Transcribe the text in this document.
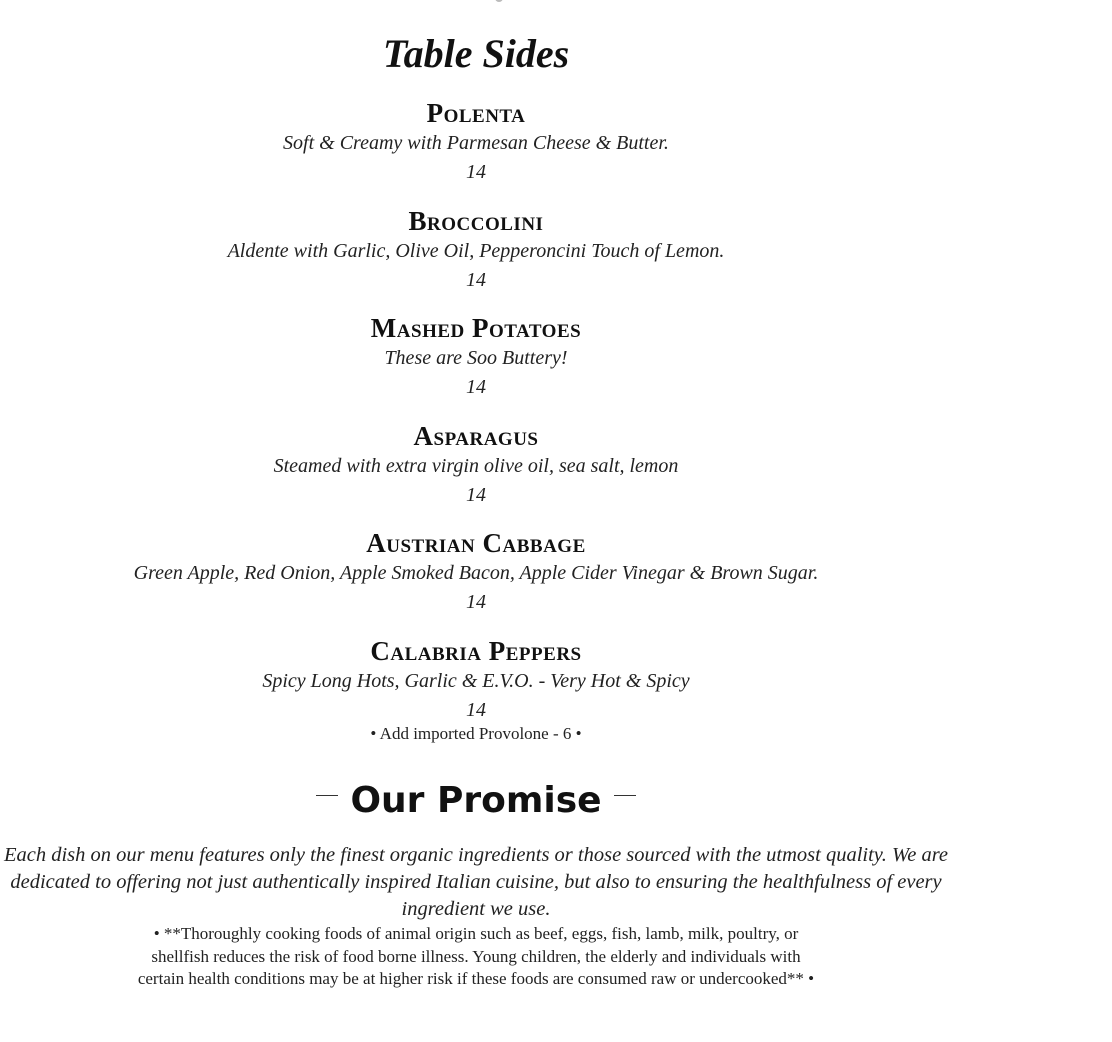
Table Sides
Polenta
Soft & Creamy with Parmesan Cheese & Butter.
14
Broccolini
Aldente with Garlic, Olive Oil, Pepperoncini Touch of Lemon.
14
Mashed Potatoes
These are Soo Buttery!
14
Asparagus
Steamed with extra virgin olive oil, sea salt, lemon
14
Austrian Cabbage
Green Apple, Red Onion, Apple Smoked Bacon, Apple Cider Vinegar & Brown Sugar.
14
Calabria Peppers
Spicy Long Hots, Garlic & E.V.O. - Very Hot & Spicy
14
• Add imported Provolone - 6 •
Our Promise
Each dish on our menu features only the finest organic ingredients or those sourced with the utmost quality. We are dedicated to offering not just authentically inspired Italian cuisine, but also to ensuring the healthfulness of every ingredient we use.
• **Thoroughly cooking foods of animal origin such as beef, eggs, fish, lamb, milk, poultry, or shellfish reduces the risk of food borne illness. Young children, the elderly and individuals with certain health conditions may be at higher risk if these foods are consumed raw or undercooked** •
